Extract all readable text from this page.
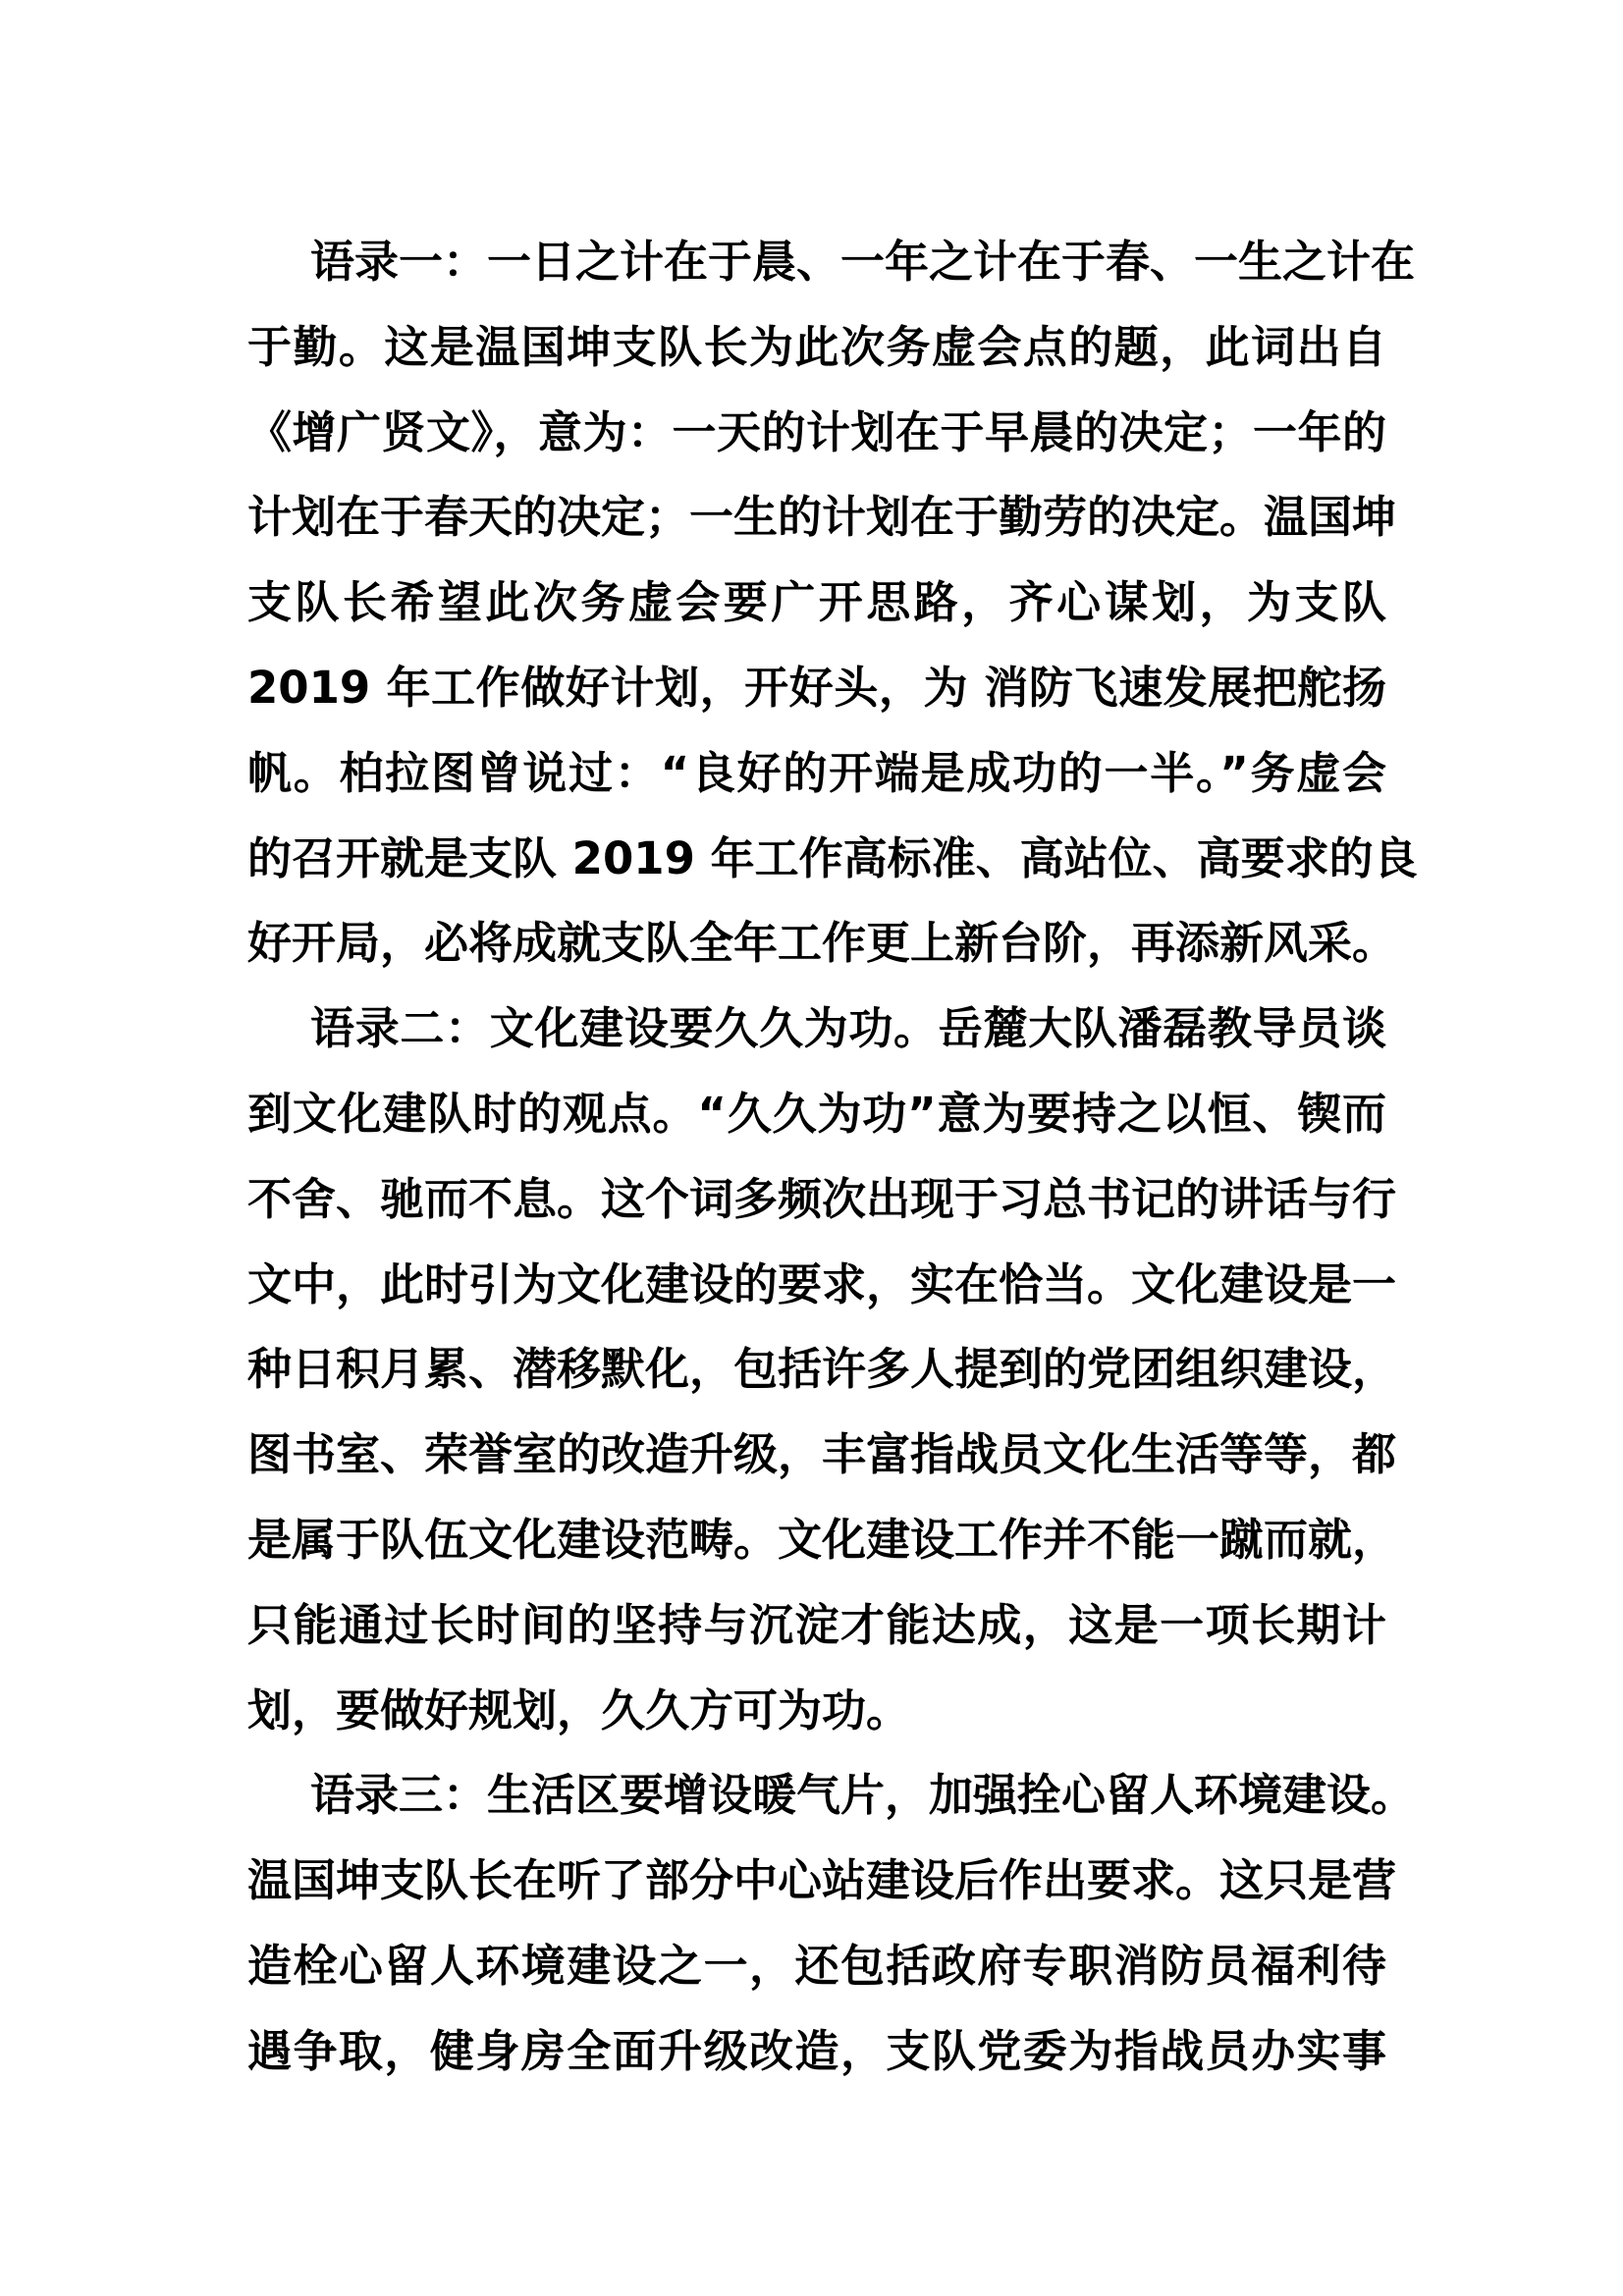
语录一：一日之计在于晨、一年之计在于春、一生之计在
于勤。这是温国坤支队长为此次务虚会点的题，此词出自
《增广贤文》，意为：一天的计划在于早晨的决定；一年的
计划在于春天的决定；一生的计划在于勤劳的决定。温国坤
支队长希望此次务虚会要广开思路，齐心谋划，为支队
2019 年工作做好计划，开好头，为 消防飞速发展把舵扬
帆。柏拉图曾说过：“良好的开端是成功的一半。”务虚会
的召开就是支队 2019 年工作高标准、高站位、高要求的良
好开局，必将成就支队全年工作更上新台阶，再添新风采。
语录二：文化建设要久久为功。岳麓大队潘磊教导员谈
到文化建队时的观点。“久久为功”意为要持之以恒、锲而
不舍、驰而不息。这个词多频次出现于习总书记的讲话与行
文中，此时引为文化建设的要求，实在恰当。文化建设是一
种日积月累、潜移默化，包括许多人提到的党团组织建设，
图书室、荣誉室的改造升级，丰富指战员文化生活等等，都
是属于队伍文化建设范畴。文化建设工作并不能一蹴而就，
只能通过长时间的坚持与沉淀才能达成，这是一项长期计
划，要做好规划，久久方可为功。
语录三：生活区要增设暖气片，加强拴心留人环境建设。
温国坤支队长在听了部分中心站建设后作出要求。这只是营
造栓心留人环境建设之一，还包括政府专职消防员福利待
遇争取，健身房全面升级改造，支队党委为指战员办实事
